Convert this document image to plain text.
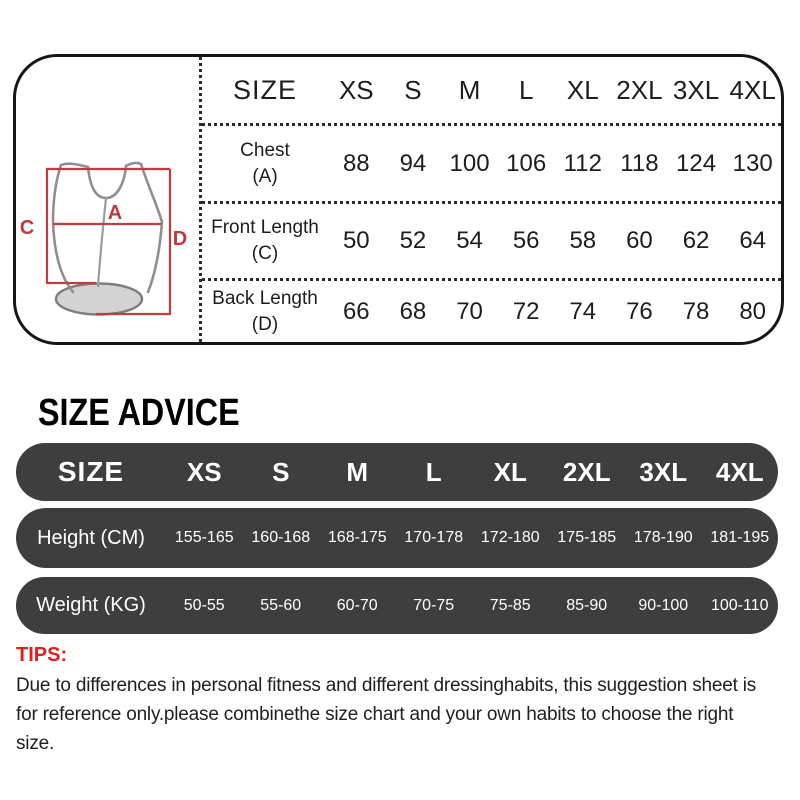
A
C	D
SIZE	XS	S	M	L	XL 2XL 3XL 4XL
Chest
(A)	88	94 100 106 112 118 124 130
Front Length
(C)	50	52	54	56	58	60	62	64
Back Length
(D)	66	68	70	72	74	76	78	80
SIZE ADVICE
SIZE	XS	S	M	L	XL	2XL	3XL	4XL
Height (CM)	155-165	160-168	168-175	170-178	172-180	175-185	178-190	181-195
Weight (KG)	50-55	55-60	60-70	70-75	75-85	85-90	90-100	100-110
TIPS:

Due to differences in personal fitness and different dressinghabits, this suggestion sheet is for reference only.please combinethe size chart and your own habits to choose the right size.
